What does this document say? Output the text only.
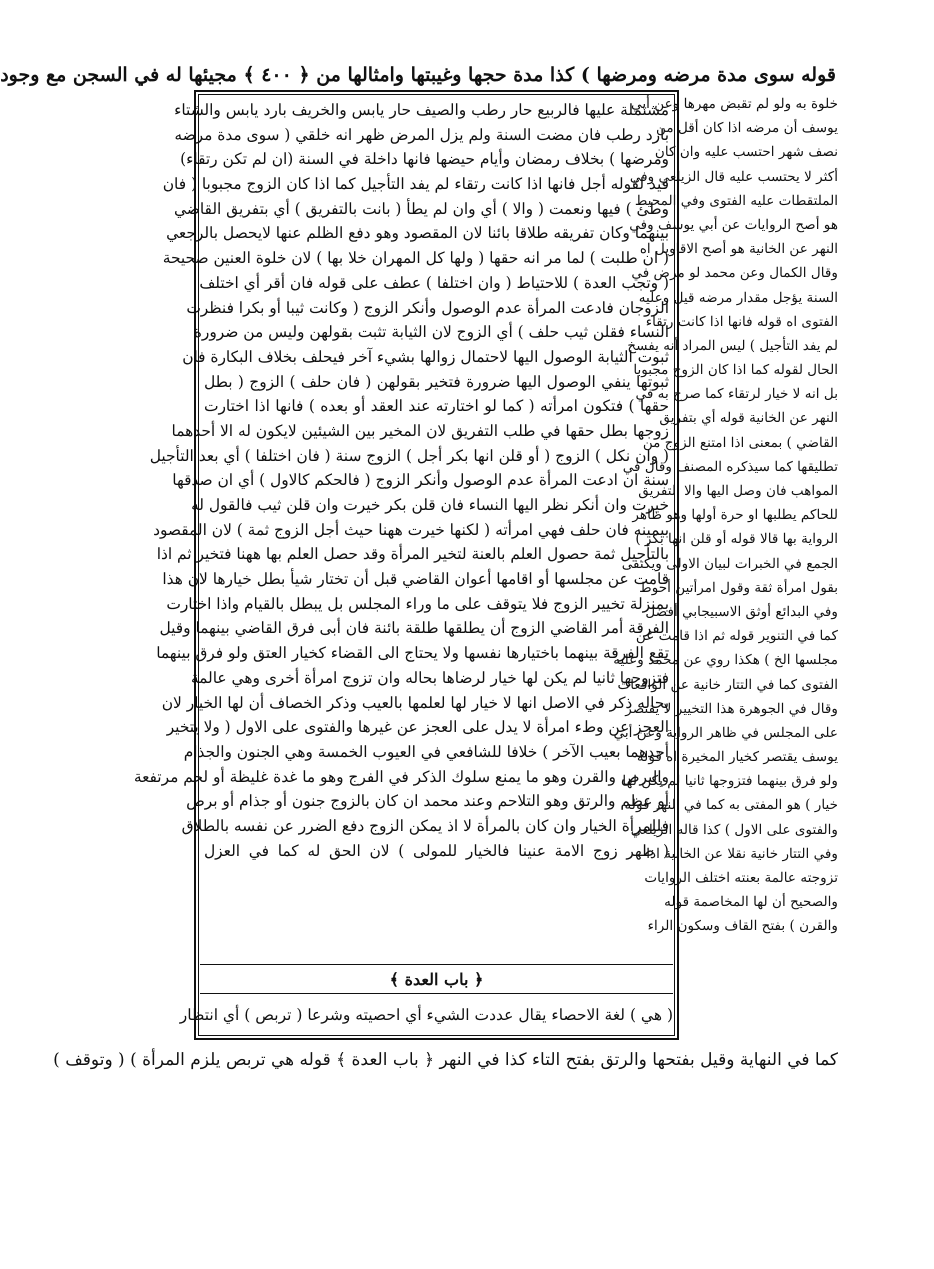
قوله سوى مدة مرضه ومرضها ) كذا مدة حجها وغيبتها وامثالها من ﴿ ٤٠٠ ﴾ مجيئها له في السجن مع وجود
مشتملة عليها فالربيع حار رطب والصيف حار يابس والخريف بارد يابس والشتاء
بارد رطب فان مضت السنة ولم يزل المرض ظهر انه خلقي ( سوى مدة مرضه
ومرضها ) بخلاف رمضان وأيام حيضها فانها داخلة في السنة (ان لم تكن رتقاء)
قيد لقوله أجل فانها اذا كانت رتقاء لم يفد التأجيل كما اذا كان الزوج مجبوبا ( فان
وطئ ) فيها ونعمت ( والا ) أي وان لم يطأ ( بانت بالتفريق ) أي بتفريق القاضي
بينهما وكان تفريقه طلاقا بائنا لان المقصود وهو دفع الظلم عنها لايحصل بالرجعي
( ان طلبت ) لما مر انه حقها ( ولها كل المهران خلا بها ) لان خلوة العنين صحيحة
( وتجب العدة ) للاحتياط ( وان اختلفا ) عطف على قوله فان أقر أي اختلف
الزوجان فادعت المرأة عدم الوصول وأنكر الزوج ( وكانت ثيبا أو بكرا فنظرت
النساء فقلن ثيب حلف ) أي الزوج لان الثيابة تثبت بقولهن وليس من ضرورة
ثبوت الثيابة الوصول اليها لاحتمال زوالها بشيء آخر فيحلف بخلاف البكارة فان
ثبوتها ينفي الوصول اليها ضرورة فتخير بقولهن ( فان حلف ) الزوج ( بطل
حقها ) فتكون امرأته ( كما لو اختارته عند العقد أو بعده ) فانها اذا اختارت
زوجها بطل حقها في طلب التفريق لان المخير بين الشيئين لايكون له الا أحدهما
( وان نكل ) الزوج ( أو قلن انها بكر أجل ) الزوج سنة ( فان اختلفا ) أي بعد التأجيل
سنة ان ادعت المرأة عدم الوصول وأنكر الزوج ( فالحكم كالاول ) أي ان صدقها
خيرت وان أنكر نظر اليها النساء فان قلن بكر خيرت وان قلن ثيب فالقول له
بيمينه فان حلف فهي امرأته ( لكنها خيرت ههنا حيث أجل الزوج ثمة ) لان المقصود
بالتأجيل ثمة حصول العلم بالعنة لتخير المرأة وقد حصل العلم بها ههنا فتخير ثم اذا
قامت عن مجلسها أو اقامها أعوان القاضي قبل أن تختار شيأ بطل خيارها لان هذا
بمنزلة تخيير الزوج فلا يتوقف على ما وراء المجلس بل يبطل بالقيام واذا اختارت
الفرقة أمر القاضي الزوج أن يطلقها طلقة بائنة فان أبى فرق القاضي بينهما وقيل
تقع الفرقة بينهما باختيارها نفسها ولا يحتاج الى القضاء كخيار العتق ولو فرق بينهما
فتزوجها ثانيا لم يكن لها خيار لرضاها بحاله وان تزوج امرأة أخرى وهي عالمة
بحاله ذكر في الاصل انها لا خيار لها لعلمها بالعيب وذكر الخصاف أن لها الخيار لان
العجز عن وطء امرأة لا يدل على العجز عن غيرها والفتوى على الاول ( ولا يتخير
أحدهما بعيب الآخر ) خلافا للشافعي في العيوب الخمسة وهي الجنون والجذام
والبرص والقرن وهو ما يمنع سلوك الذكر في الفرج وهو ما غدة غليظة أو لحم مرتفعة
أو عظم والرتق وهو التلاحم وعند محمد ان كان بالزوج جنون أو جذام أو برص
فللمرأة الخيار وان كان بالمرأة لا اذ يمكن الزوج دفع الضرر عن نفسه بالطلاق
( ظهر زوج الامة عنينا فالخيار للمولى ) لان الحق له كما في العزل
﴿ باب العدة ﴾
( هي ) لغة الاحصاء يقال عددت الشيء أي احصيته وشرعا ( تربص ) أي انتظار
خلوة به ولو لم تقبض مهرها وعن أبي
يوسف أن مرضه اذا كان أقل من
نصف شهر احتسب عليه وان كان
أكثر لا يحتسب عليه قال الزيلعي وفي
الملتقطات عليه الفتوى وفي المحيط
هو أصح الروايات عن أبي يوسف وفي
النهر عن الخانية هو أصح الاقاويل اه
وقال الكمال وعن محمد لو مرض في
السنة يؤجل مقدار مرضه قيل وعليه
الفتوى اه قوله فانها اذا كانت رتقاء
لم يفد التأجيل ) ليس المراد أنه يفسخ
الحال لقوله كما اذا كان الزوج مجبوبا
بل انه لا خيار لرتقاء كما صرح به في
النهر عن الخانية قوله أي بتفريق
القاضي ) بمعنى اذا امتنع الزوج من
تطليقها كما سيذكره المصنف وقال في
المواهب فان وصل اليها والا التفريق
للحاكم يطلبها او حرة أولها وهو ظاهر
الرواية بها قالا قوله أو قلن انها بكر )
الجمع في الخبرات لبيان الاولى ويكتفى
بقول امرأة ثقة وقول امرأتين أحوط
وفي البدائع أوثق الاسبيجابي أفضل
كما في التنوير قوله ثم اذا قامت عن
مجلسها الخ ) هكذا روي عن محمد وعليه
الفتوى كما في التتار خانية عن الواقعات
وقال في الجوهرة هذا التخيير لا يقتصر
على المجلس في ظاهر الرواية وعن أبي
يوسف يقتصر كخيار المخيرة اه قوله
ولو فرق بينهما فتزوجها ثانيا لم يكن لها
خيار ) هو المفتى به كما في النهر قوله
والفتوى على الاول ) كذا قاله الزيلعي
وفي التتار خانية نقلا عن الخانية اذا
تزوجته عالمة بعنته اختلف الروايات
والصحيح أن لها المخاصمة قوله
والقرن ) بفتح القاف وسكون الراء
كما في النهاية وقيل بفتحها والرتق بفتح التاء كذا في النهر ﴿ باب العدة ﴾ قوله هي تربص يلزم المرأة ) ( وتوقف )
